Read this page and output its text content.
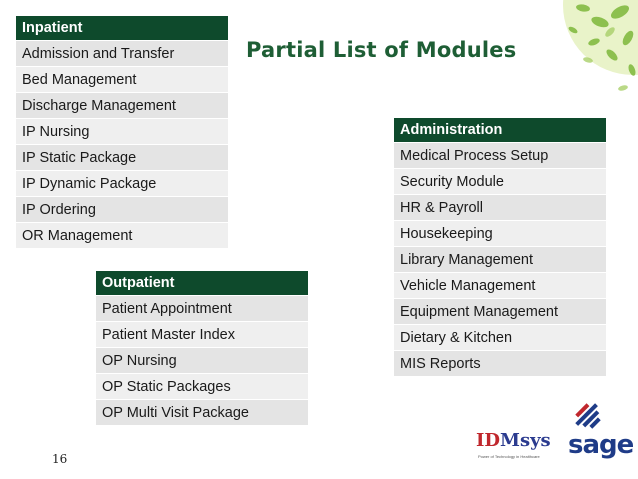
Partial List of Modules
Inpatient
Admission and Transfer
Bed Management
Discharge Management
IP Nursing
IP Static Package
IP Dynamic Package
IP Ordering
OR Management
Administration
Medical Process Setup
Security Module
HR & Payroll
Housekeeping
Library Management
Vehicle Management
Equipment Management
Dietary & Kitchen
MIS Reports
Outpatient
Patient Appointment
Patient Master Index
OP Nursing
OP Static Packages
OP Multi Visit Package
16
IDMsys
Power of Technology in Healthcare sage
